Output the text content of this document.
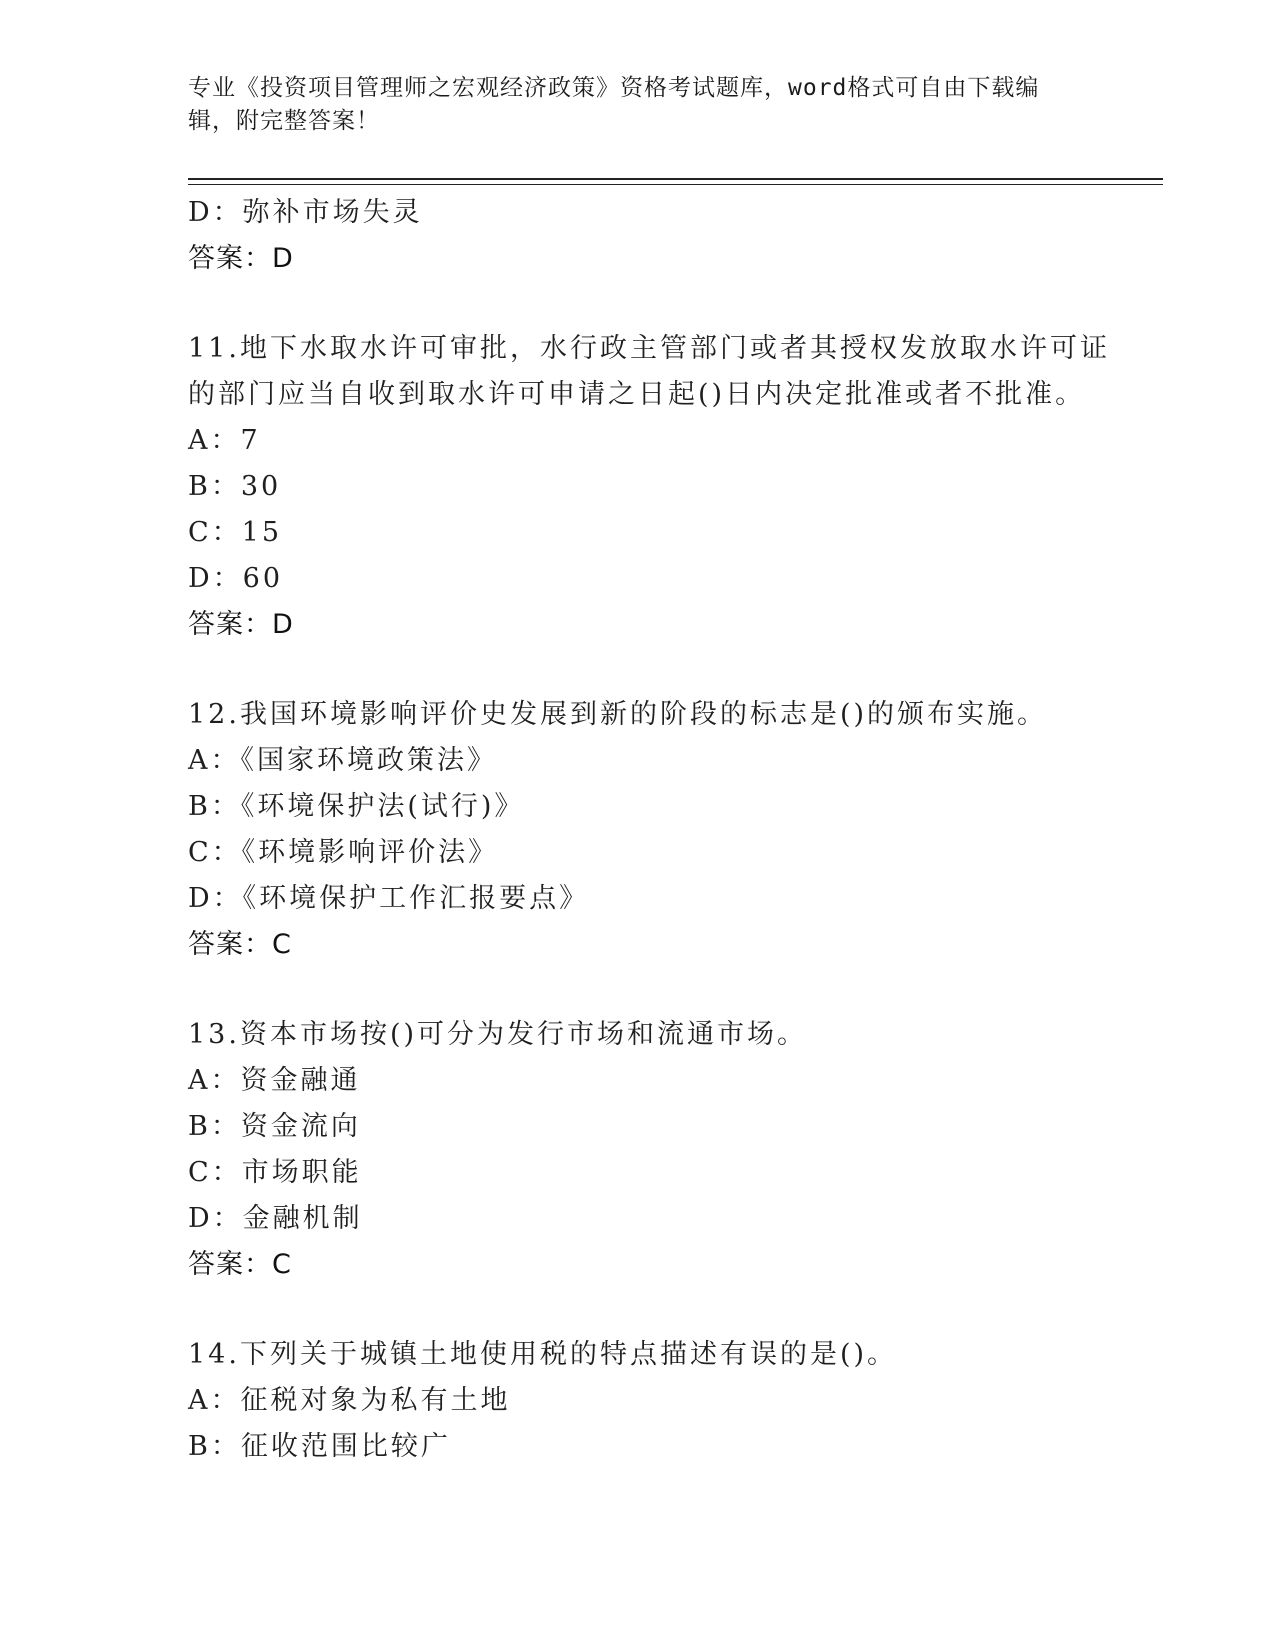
专业《投资项目管理师之宏观经济政策》资格考试题库，word格式可自由下载编
辑，附完整答案！
D：弥补市场失灵
答案：D
11.地下水取水许可审批，水行政主管部门或者其授权发放取水许可证
的部门应当自收到取水许可申请之日起()日内决定批准或者不批准。
A：7
B：30
C：15
D：60
答案：D
12.我国环境影响评价史发展到新的阶段的标志是()的颁布实施。
A：《国家环境政策法》
B：《环境保护法(试行)》
C：《环境影响评价法》
D：《环境保护工作汇报要点》
答案：C
13.资本市场按()可分为发行市场和流通市场。
A：资金融通
B：资金流向
C：市场职能
D：金融机制
答案：C
14.下列关于城镇土地使用税的特点描述有误的是()。
A：征税对象为私有土地
B：征收范围比较广
